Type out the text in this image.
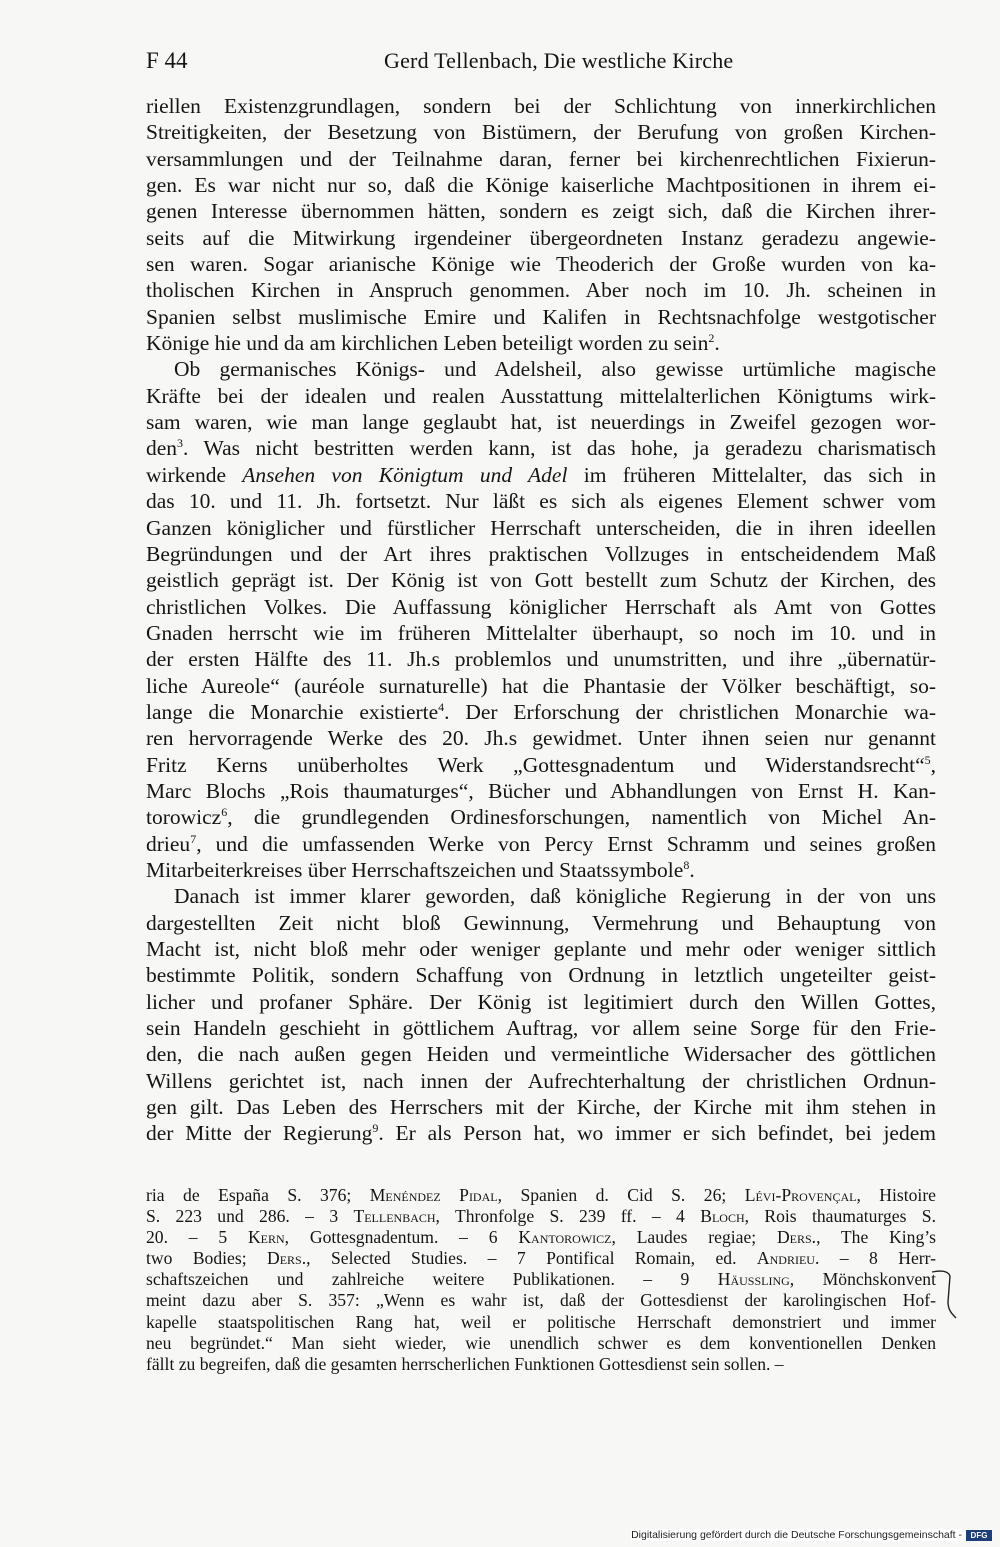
F 44	Gerd Tellenbach, Die westliche Kirche
riellen Existenzgrundlagen, sondern bei der Schlichtung von innerkirchlichen
Streitigkeiten, der Besetzung von Bistümern, der Berufung von großen Kirchen-
versammlungen und der Teilnahme daran, ferner bei kirchenrechtlichen Fixierun-
gen. Es war nicht nur so, daß die Könige kaiserliche Machtpositionen in ihrem ei-
genen Interesse übernommen hätten, sondern es zeigt sich, daß die Kirchen ihrer-
seits auf die Mitwirkung irgendeiner übergeordneten Instanz geradezu angewie-
sen waren. Sogar arianische Könige wie Theoderich der Große wurden von ka-
tholischen Kirchen in Anspruch genommen. Aber noch im 10. Jh. scheinen in
Spanien selbst muslimische Emire und Kalifen in Rechtsnachfolge westgotischer
Könige hie und da am kirchlichen Leben beteiligt worden zu sein$^2$.
Ob germanisches Königs- und Adelsheil, also gewisse urtümliche magische
Kräfte bei der idealen und realen Ausstattung mittelalterlichen Königtums wirk-
sam waren, wie man lange geglaubt hat, ist neuerdings in Zweifel gezogen wor-
den$^3$. Was nicht bestritten werden kann, ist das hohe, ja geradezu charismatisch
wirkende Ansehen von Königtum und Adel im früheren Mittelalter, das sich in
das 10. und 11. Jh. fortsetzt. Nur läßt es sich als eigenes Element schwer vom
Ganzen königlicher und fürstlicher Herrschaft unterscheiden, die in ihren ideellen
Begründungen und der Art ihres praktischen Vollzuges in entscheidendem Maß
geistlich geprägt ist. Der König ist von Gott bestellt zum Schutz der Kirchen, des
christlichen Volkes. Die Auffassung königlicher Herrschaft als Amt von Gottes
Gnaden herrscht wie im früheren Mittelalter überhaupt, so noch im 10. und in
der ersten Hälfte des 11. Jh.s problemlos und unumstritten, und ihre „übernatür-
liche Aureole“ (auréole surnaturelle) hat die Phantasie der Völker beschäftigt, so-
lange die Monarchie existierte$^4$. Der Erforschung der christlichen Monarchie wa-
ren hervorragende Werke des 20. Jh.s gewidmet. Unter ihnen seien nur genannt
Fritz Kerns unüberholtes Werk „Gottesgnadentum und Widerstandsrecht“$^5$,
Marc Blochs „Rois thaumaturges“, Bücher und Abhandlungen von Ernst H. Kan-
torowicz$^6$, die grundlegenden Ordinesforschungen, namentlich von Michel An-
drieu$^7$, und die umfassenden Werke von Percy Ernst Schramm und seines großen
Mitarbeiterkreises über Herrschaftszeichen und Staatssymbole$^8$.
Danach ist immer klarer geworden, daß königliche Regierung in der von uns
dargestellten Zeit nicht bloß Gewinnung, Vermehrung und Behauptung von
Macht ist, nicht bloß mehr oder weniger geplante und mehr oder weniger sittlich
bestimmte Politik, sondern Schaffung von Ordnung in letztlich ungeteilter geist-
licher und profaner Sphäre. Der König ist legitimiert durch den Willen Gottes,
sein Handeln geschieht in göttlichem Auftrag, vor allem seine Sorge für den Frie-
den, die nach außen gegen Heiden und vermeintliche Widersacher des göttlichen
Willens gerichtet ist, nach innen der Aufrechterhaltung der christlichen Ordnun-
gen gilt. Das Leben des Herrschers mit der Kirche, der Kirche mit ihm stehen in
der Mitte der Regierung$^9$. Er als Person hat, wo immer er sich befindet, bei jedem
ria de España S. 376; Menéndez Pidal, Spanien d. Cid S. 26; Lévi-Provençal, Histoire
S. 223 und 286. – 3 Tellenbach, Thronfolge S. 239 ff. – 4 Bloch, Rois thaumaturges S.
20. – 5 Kern, Gottesgnadentum. – 6 Kantorowicz, Laudes regiae; Ders., The King’s
two Bodies; Ders., Selected Studies. – 7 Pontifical Romain, ed. Andrieu. – 8 Herr-
schaftszeichen und zahlreiche weitere Publikationen. – 9 Häussling, Mönchskonvent
meint dazu aber S. 357: „Wenn es wahr ist, daß der Gottesdienst der karolingischen Hof-
kapelle staatspolitischen Rang hat, weil er politische Herrschaft demonstriert und immer
neu begründet.“ Man sieht wieder, wie unendlich schwer es dem konventionellen Denken
fällt zu begreifen, daß die gesamten herrscherlichen Funktionen Gottesdienst sein sollen. –
Digitalisierung gefördert durch die Deutsche Forschungsgemeinschaft -	DFG
